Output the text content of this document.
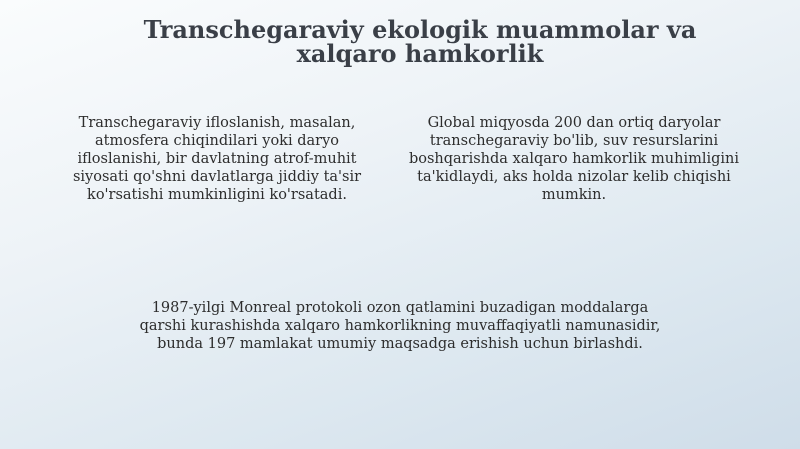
Transchegaraviy ekologik muammolar va xalqaro hamkorlik

Transchegaraviy ifloslanish, masalan, atmosfera chiqindilari yoki daryo ifloslanishi, bir davlatning atrof-muhit siyosati qo'shni davlatlarga jiddiy ta'sir ko'rsatishi mumkinligini ko'rsatadi.

Global miqyosda 200 dan ortiq daryolar transchegaraviy bo'lib, suv resurslarini boshqarishda xalqaro hamkorlik muhimligini ta'kidlaydi, aks holda nizolar kelib chiqishi mumkin.

1987-yilgi Monreal protokoli ozon qatlamini buzadigan moddalarga qarshi kurashishda xalqaro hamkorlikning muvaffaqiyatli namunasidir, bunda 197 mamlakat umumiy maqsadga erishish uchun birlashdi.
